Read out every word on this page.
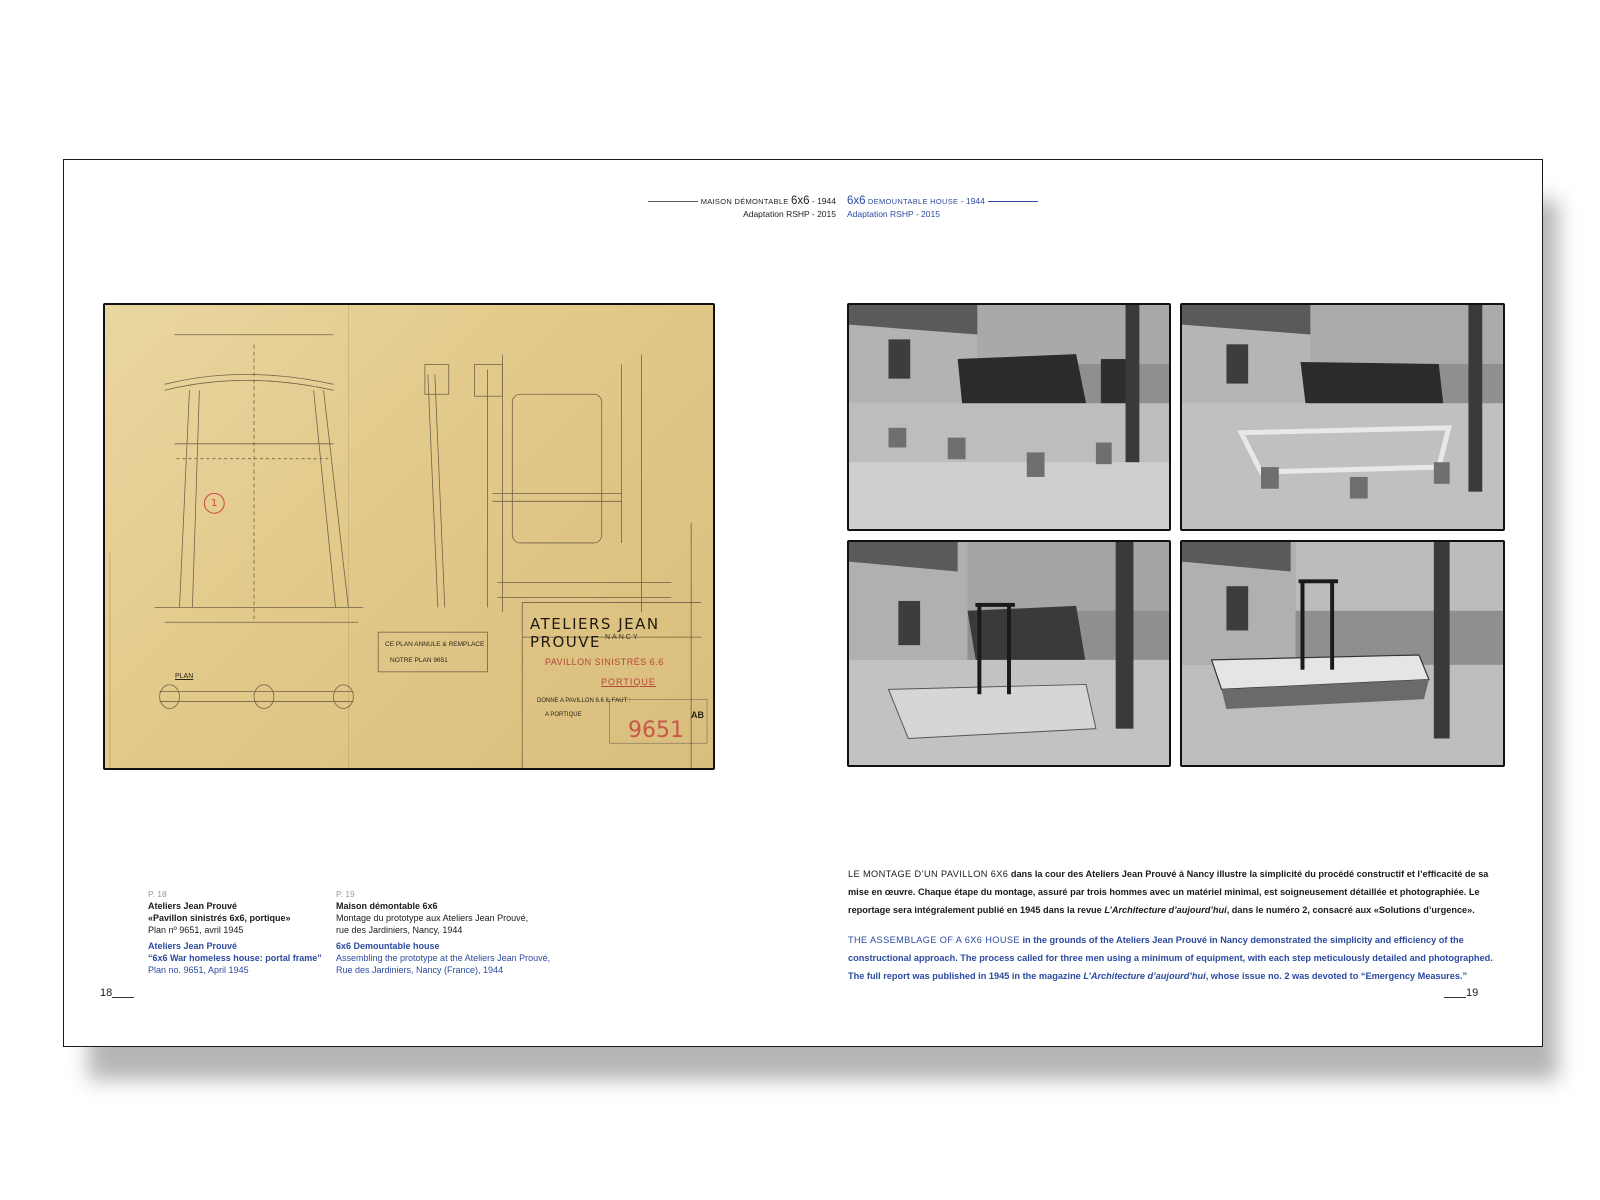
MAISON DÉMONTABLE 6x6 - 1944
Adaptation RSHP - 2015
6x6 DEMOUNTABLE HOUSE - 1944
Adaptation RSHP - 2015
1
ATELIERS JEAN PROUVE NANCY
PAVILLON SINISTRÉS 6.6
PORTIQUE
CE PLAN ANNULE & REMPLACE
NOTRE PLAN 9651
DONNE A PAVILLON 6.6 IL FAUT :
A PORTIQUE
9651
AB
PLAN
P. 18
Ateliers Jean Prouvé
«Pavillon sinistrés 6x6, portique»
Plan nº 9651, avril 1945
Ateliers Jean Prouvé
“6x6 War homeless house: portal frame”
Plan no. 9651, April 1945
P. 19
Maison démontable 6x6
Montage du prototype aux Ateliers Jean Prouvé,
rue des Jardiniers, Nancy, 1944
6x6 Demountable house
Assembling the prototype at the Ateliers Jean Prouvé,
Rue des Jardiniers, Nancy (France), 1944

LE MONTAGE D’UN PAVILLON 6X6 dans la cour des Ateliers Jean Prouvé à Nancy illustre la simplicité du procédé constructif et l’efficacité de sa mise en œuvre. Chaque étape du montage, assuré par trois hommes avec un matériel minimal, est soigneusement détaillée et photographiée. Le reportage sera intégralement publié en 1945 dans la revue L’Architecture d’aujourd’hui, dans le numéro 2, consacré aux «Solutions d’urgence».

THE ASSEMBLAGE OF A 6X6 HOUSE in the grounds of the Ateliers Jean Prouvé in Nancy demonstrated the simplicity and efficiency of the constructional approach. The process called for three men using a minimum of equipment, with each step meticulously detailed and photographed. The full report was published in 1945 in the magazine L’Architecture d’aujourd’hui, whose issue no. 2 was devoted to “Emergency Measures.”

18	19
